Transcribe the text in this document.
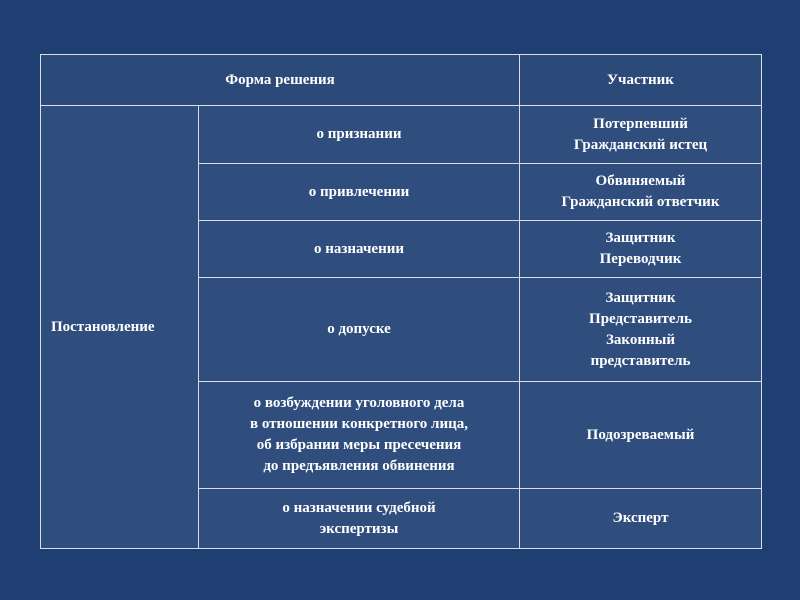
Форма решения		Участник
Постановление	о признании	Потерпевший
Гражданский истец

	о привлечении	Обвиняемый
Гражданский ответчик

	о назначении	Защитник
Переводчик

	о допуске	Защитник
Представитель
Законный
представитель

	о возбуждении уголовного дела
в отношении конкретного лица,
об избрании меры пресечения
до предъявления обвинения	Подозреваемый

	о назначении судебной
экспертизы	Эксперт
